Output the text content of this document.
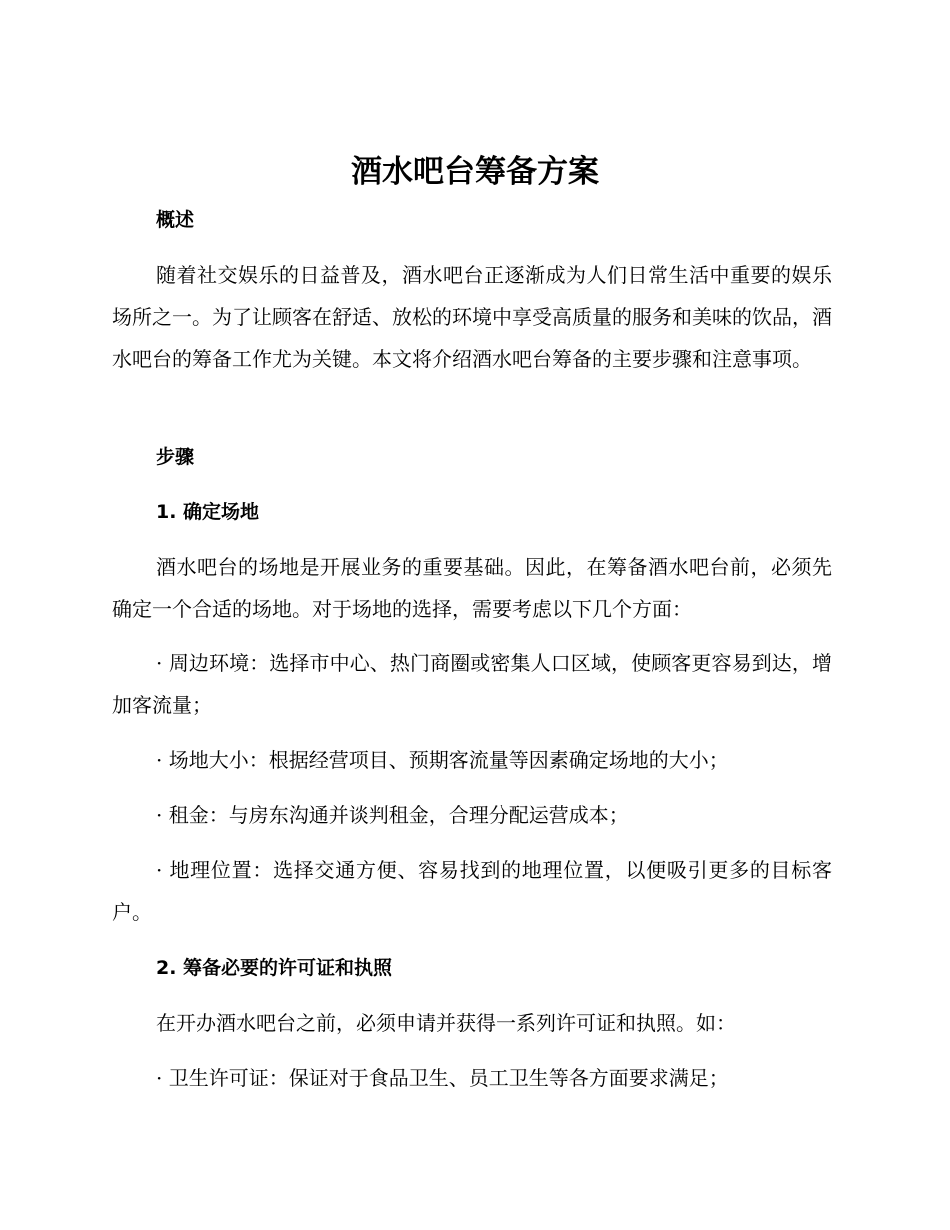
酒水吧台筹备方案
概述

随着社交娱乐的日益普及，酒水吧台正逐渐成为人们日常生活中重要的娱乐场所之一。为了让顾客在舒适、放松的环境中享受高质量的服务和美味的饮品，酒水吧台的筹备工作尤为关键。本文将介绍酒水吧台筹备的主要步骤和注意事项。

步骤
1. 确定场地

酒水吧台的场地是开展业务的重要基础。因此，在筹备酒水吧台前，必须先确定一个合适的场地。对于场地的选择，需要考虑以下几个方面：

· 周边环境：选择市中心、热门商圈或密集人口区域，使顾客更容易到达，增加客流量；

· 场地大小：根据经营项目、预期客流量等因素确定场地的大小；

· 租金：与房东沟通并谈判租金，合理分配运营成本；

· 地理位置：选择交通方便、容易找到的地理位置，以便吸引更多的目标客户。

2. 筹备必要的许可证和执照

在开办酒水吧台之前，必须申请并获得一系列许可证和执照。如：

· 卫生许可证：保证对于食品卫生、员工卫生等各方面要求满足；
